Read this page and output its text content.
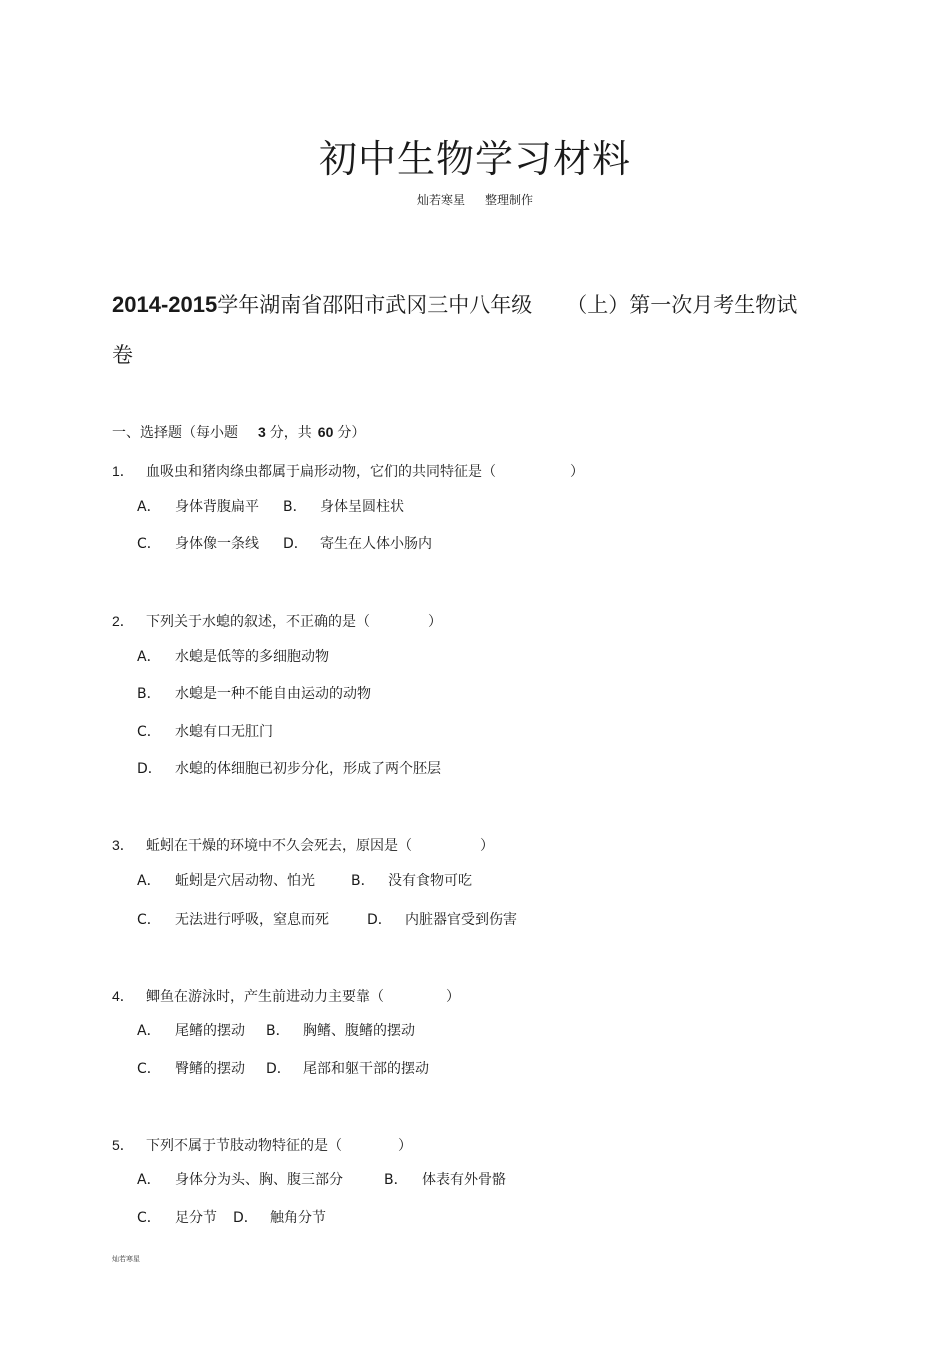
初中生物学习材料
灿若寒星 整理制作
2014-2015学年湖南省邵阳市武冈三中八年级 （上）第一次月考生物试
卷
一、选择题（每小题 3 分，共 60 分）
1． 血吸虫和猪肉绦虫都属于扁形动物，它们的共同特征是（	）
A． 身体背腹扁平 B． 身体呈圆柱状
C． 身体像一条线 D． 寄生在人体小肠内
2． 下列关于水螅的叙述，不正确的是（	）
A． 水螅是低等的多细胞动物
B． 水螅是一种不能自由运动的动物
C． 水螅有口无肛门
D． 水螅的体细胞已初步分化，形成了两个胚层
3． 蚯蚓在干燥的环境中不久会死去，原因是（	）
A． 蚯蚓是穴居动物、怕光	B． 没有食物可吃
C． 无法进行呼吸，窒息而死	D． 内脏器官受到伤害
4． 鲫鱼在游泳时，产生前进动力主要靠（	）
A． 尾鳍的摆动 B． 胸鳍、腹鳍的摆动
C． 臀鳍的摆动 D． 尾部和躯干部的摆动
5． 下列不属于节肢动物特征的是（	）
A． 身体分为头、胸、腹三部分	B． 体表有外骨骼
C． 足分节 D． 触角分节
灿若寒星
